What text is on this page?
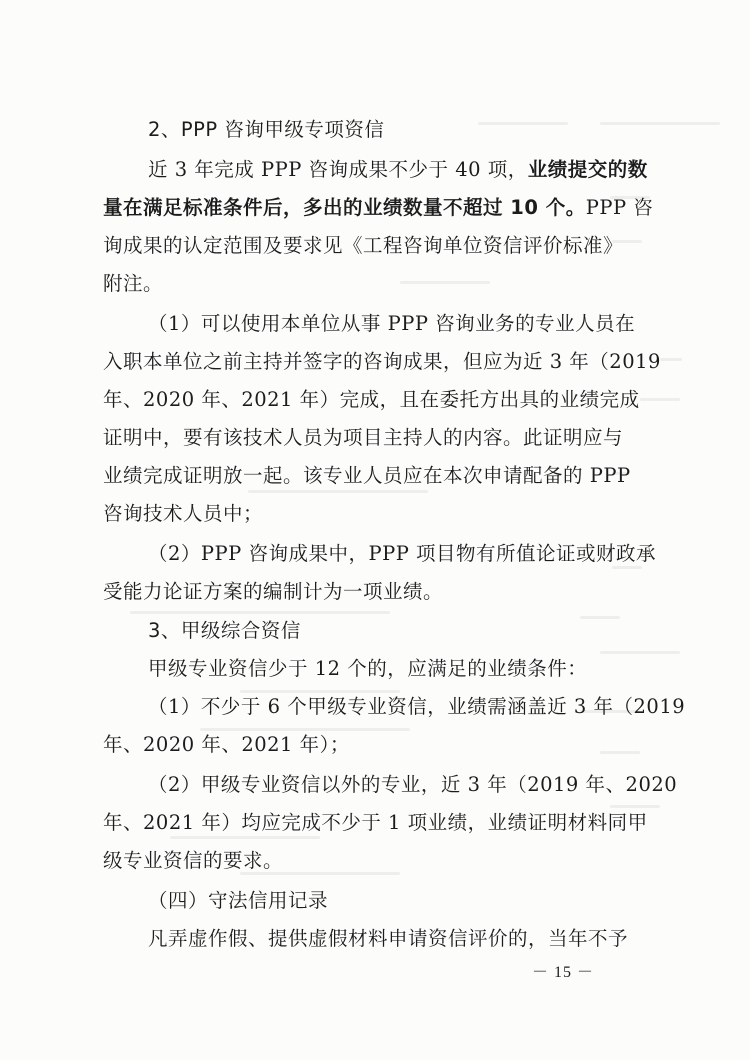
2、PPP 咨询甲级专项资信
近 3 年完成 PPP 咨询成果不少于 40 项，业绩提交的数
量在满足标准条件后，多出的业绩数量不超过 10 个。PPP 咨
询成果的认定范围及要求见《工程咨询单位资信评价标准》
附注。
（1）可以使用本单位从事 PPP 咨询业务的专业人员在
入职本单位之前主持并签字的咨询成果，但应为近 3 年（2019
年、2020 年、2021 年）完成，且在委托方出具的业绩完成
证明中，要有该技术人员为项目主持人的内容。此证明应与
业绩完成证明放一起。该专业人员应在本次申请配备的 PPP
咨询技术人员中；
（2）PPP 咨询成果中，PPP 项目物有所值论证或财政承
受能力论证方案的编制计为一项业绩。
3、甲级综合资信
甲级专业资信少于 12 个的，应满足的业绩条件：
（1）不少于 6 个甲级专业资信，业绩需涵盖近 3 年（2019
年、2020 年、2021 年）；
（2）甲级专业资信以外的专业，近 3 年（2019 年、2020
年、2021 年）均应完成不少于 1 项业绩，业绩证明材料同甲
级专业资信的要求。
（四）守法信用记录
凡弄虚作假、提供虚假材料申请资信评价的，当年不予
－ 15 －
